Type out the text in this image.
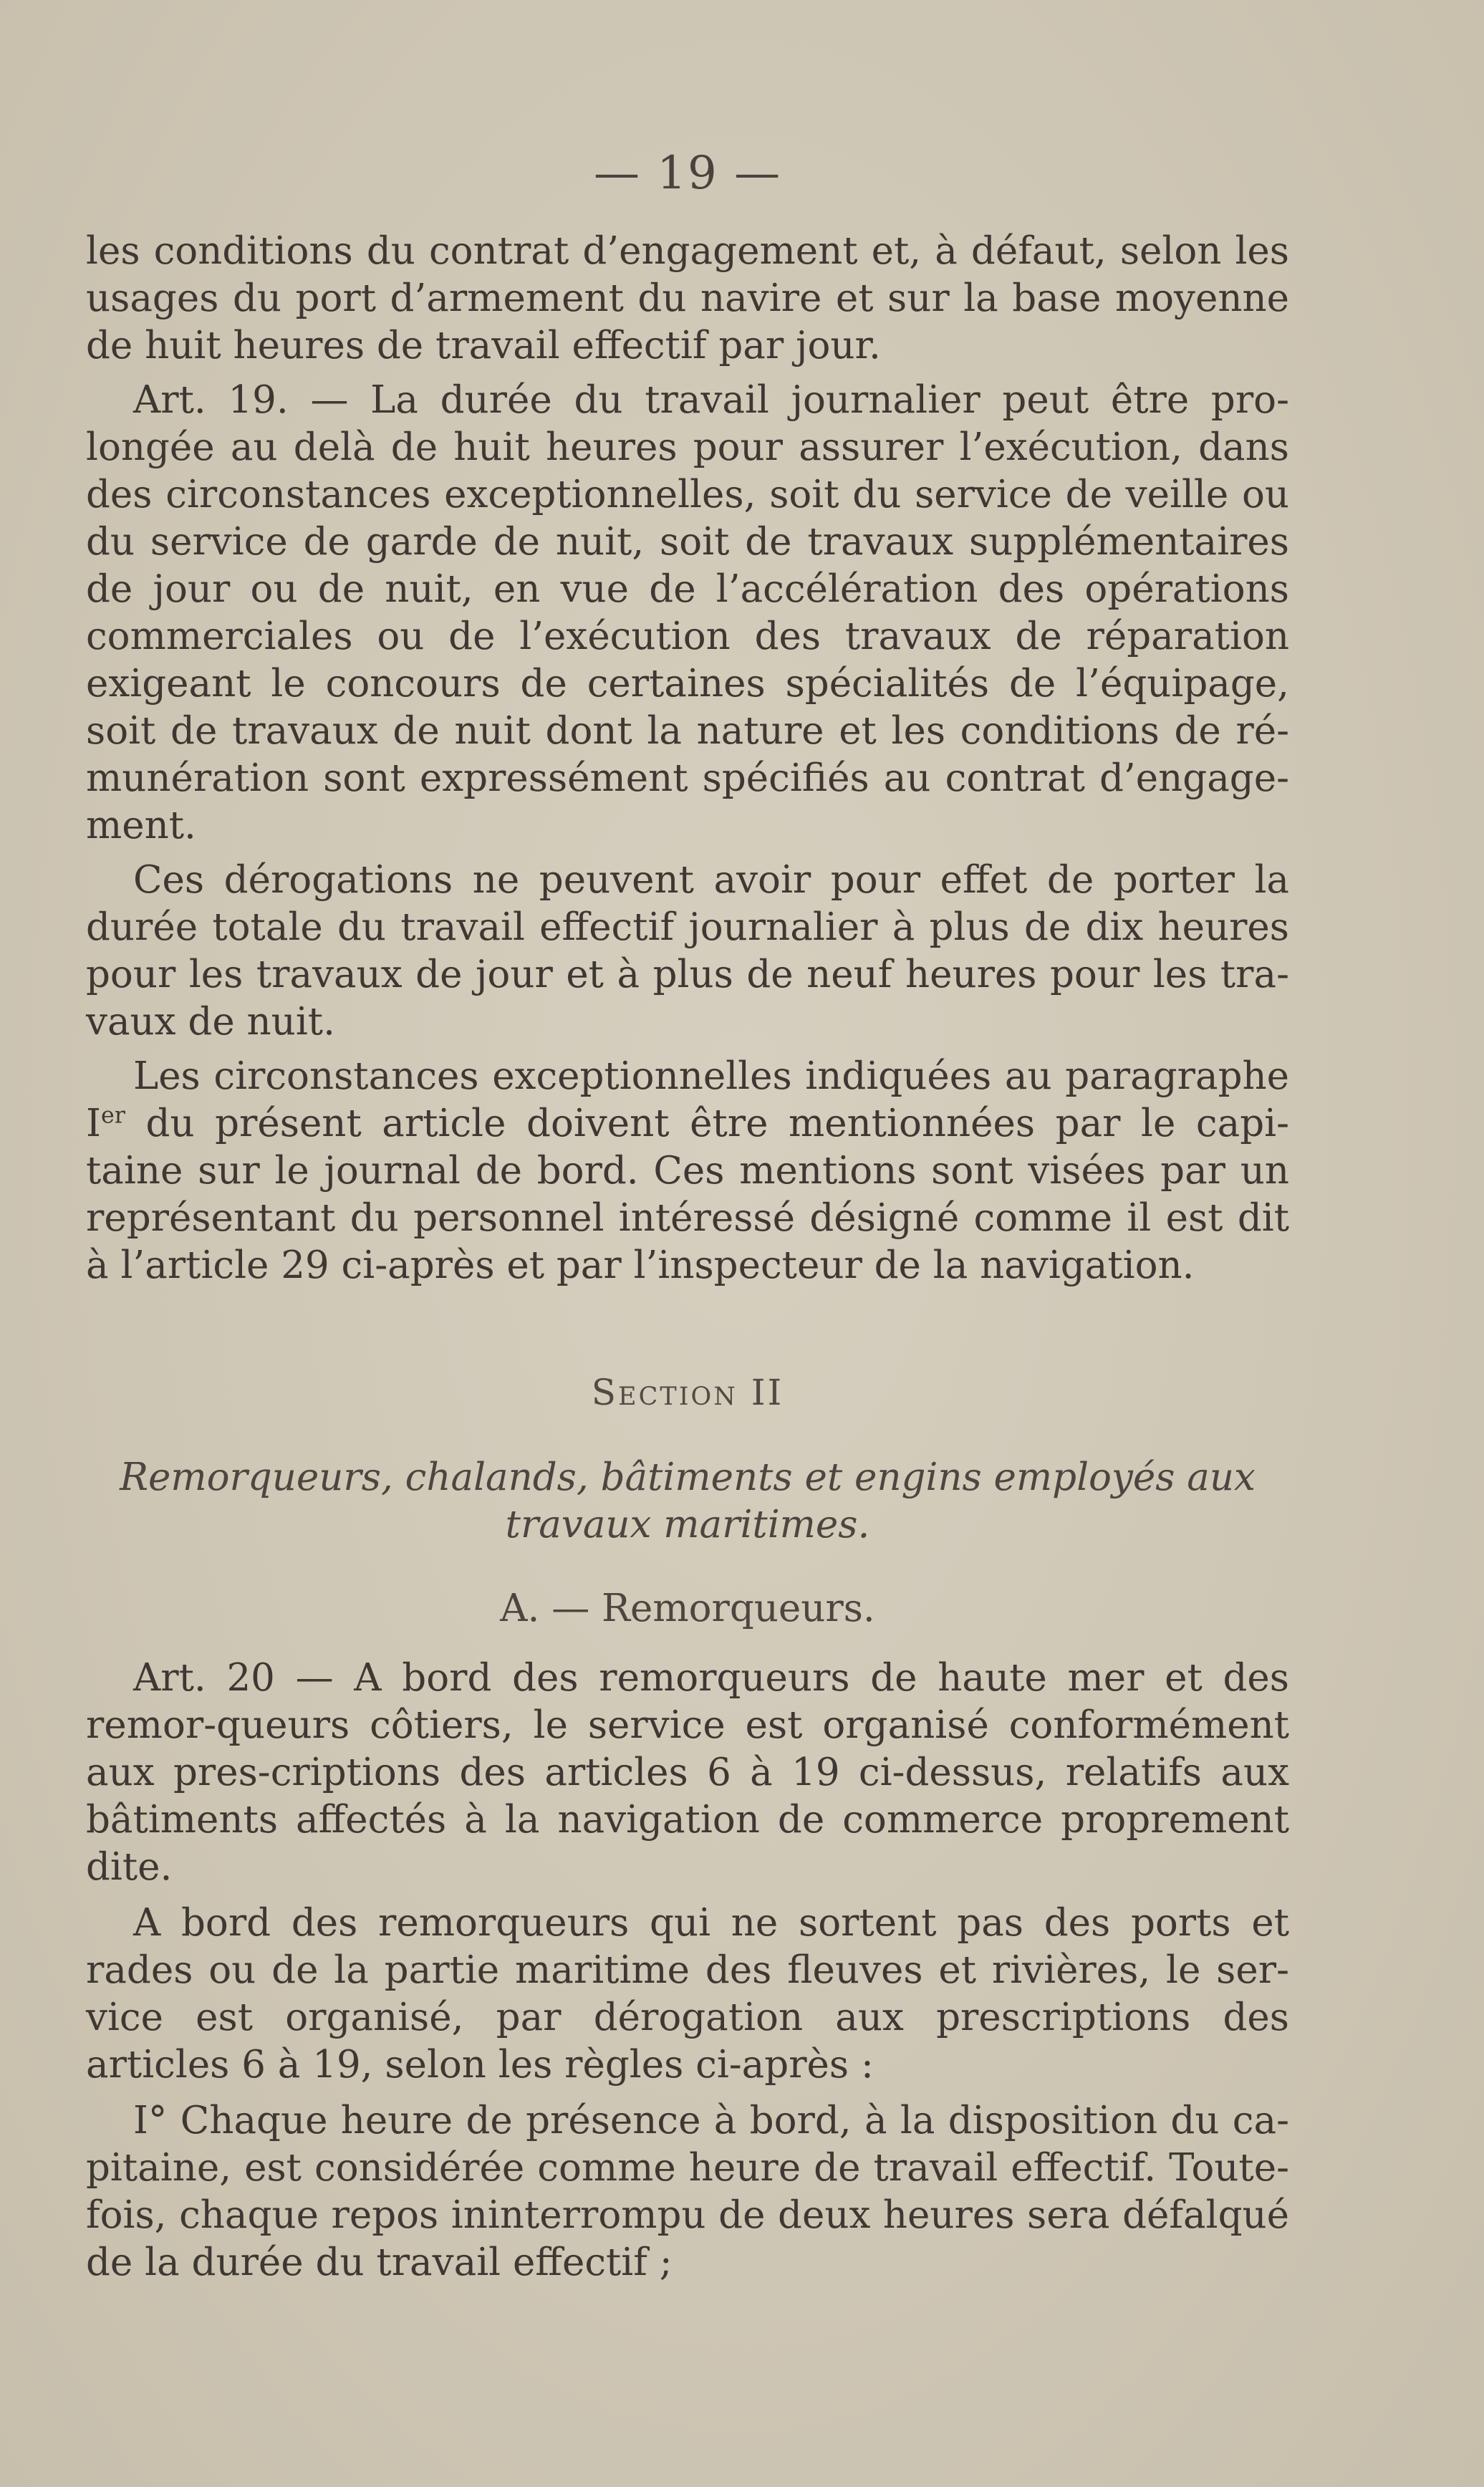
— 19 —

les conditions du contrat d’engagement et, à défaut, selon les usages du port d’armement du navire et sur la base moyenne de huit heures de travail effectif par jour.

Art. 19. — La durée du travail journalier peut être pro-longée au delà de huit heures pour assurer l’exécution, dans des circonstances exceptionnelles, soit du service de veille ou du service de garde de nuit, soit de travaux supplémentaires de jour ou de nuit, en vue de l’accélération des opérations commerciales ou de l’exécution des travaux de réparation exigeant le concours de certaines spécialités de l’équipage, soit de travaux de nuit dont la nature et les conditions de ré-munération sont expressément spécifiés au contrat d’engage-ment.

Ces dérogations ne peuvent avoir pour effet de porter la durée totale du travail effectif journalier à plus de dix heures pour les travaux de jour et à plus de neuf heures pour les tra-vaux de nuit.

Les circonstances exceptionnelles indiquées au paragraphe Ier du présent article doivent être mentionnées par le capi-taine sur le journal de bord. Ces mentions sont visées par un représentant du personnel intéressé désigné comme il est dit à l’article 29 ci-après et par l’inspecteur de la navigation.

Section II
Remorqueurs, chalands, bâtiments et engins employés aux travaux maritimes.
A. — Remorqueurs.

Art. 20 — A bord des remorqueurs de haute mer et des remor-queurs côtiers, le service est organisé conformément aux pres-criptions des articles 6 à 19 ci-dessus, relatifs aux bâtiments affectés à la navigation de commerce proprement dite.

A bord des remorqueurs qui ne sortent pas des ports et rades ou de la partie maritime des fleuves et rivières, le ser-vice est organisé, par dérogation aux prescriptions des articles 6 à 19, selon les règles ci-après :

I° Chaque heure de présence à bord, à la disposition du ca-pitaine, est considérée comme heure de travail effectif. Toute-fois, chaque repos ininterrompu de deux heures sera défalqué de la durée du travail effectif ;
